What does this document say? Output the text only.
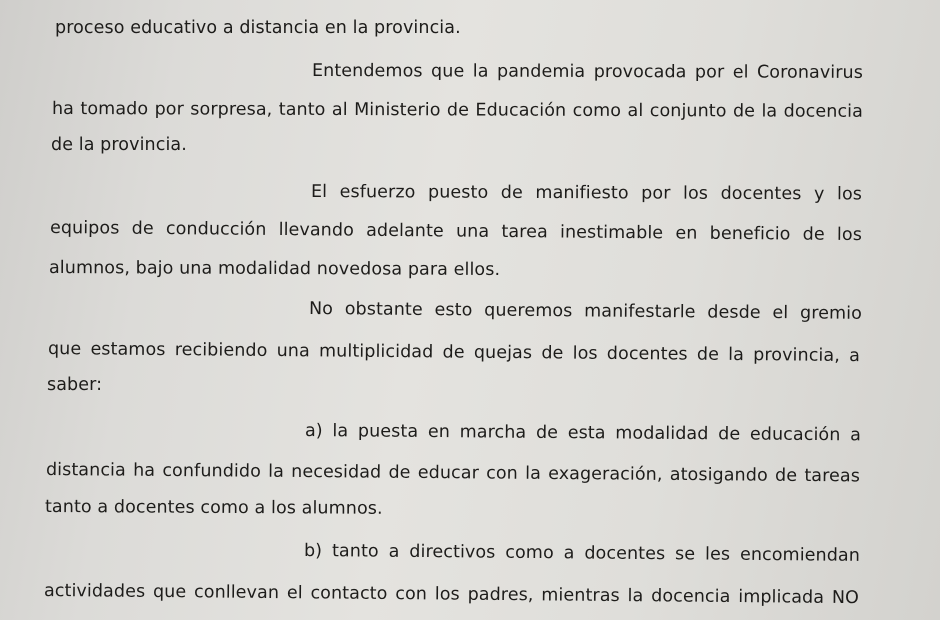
proceso educativo a distancia en la provincia.
Entendemos que la pandemia provocada por el Coronavirus
ha tomado por sorpresa, tanto al Ministerio de Educación como al conjunto de la docencia
de la provincia.
El esfuerzo puesto de manifiesto por los docentes y los
equipos de conducción llevando adelante una tarea inestimable en beneficio de los
alumnos, bajo una modalidad novedosa para ellos.
No obstante esto queremos manifestarle desde el gremio
que estamos recibiendo una multiplicidad de quejas de los docentes de la provincia, a
saber:
a) la puesta en marcha de esta modalidad de educación a
distancia ha confundido la necesidad de educar con la exageración, atosigando de tareas
tanto a docentes como a los alumnos.
b) tanto a directivos como a docentes se les encomiendan
actividades que conllevan el contacto con los padres, mientras la docencia implicada NO
